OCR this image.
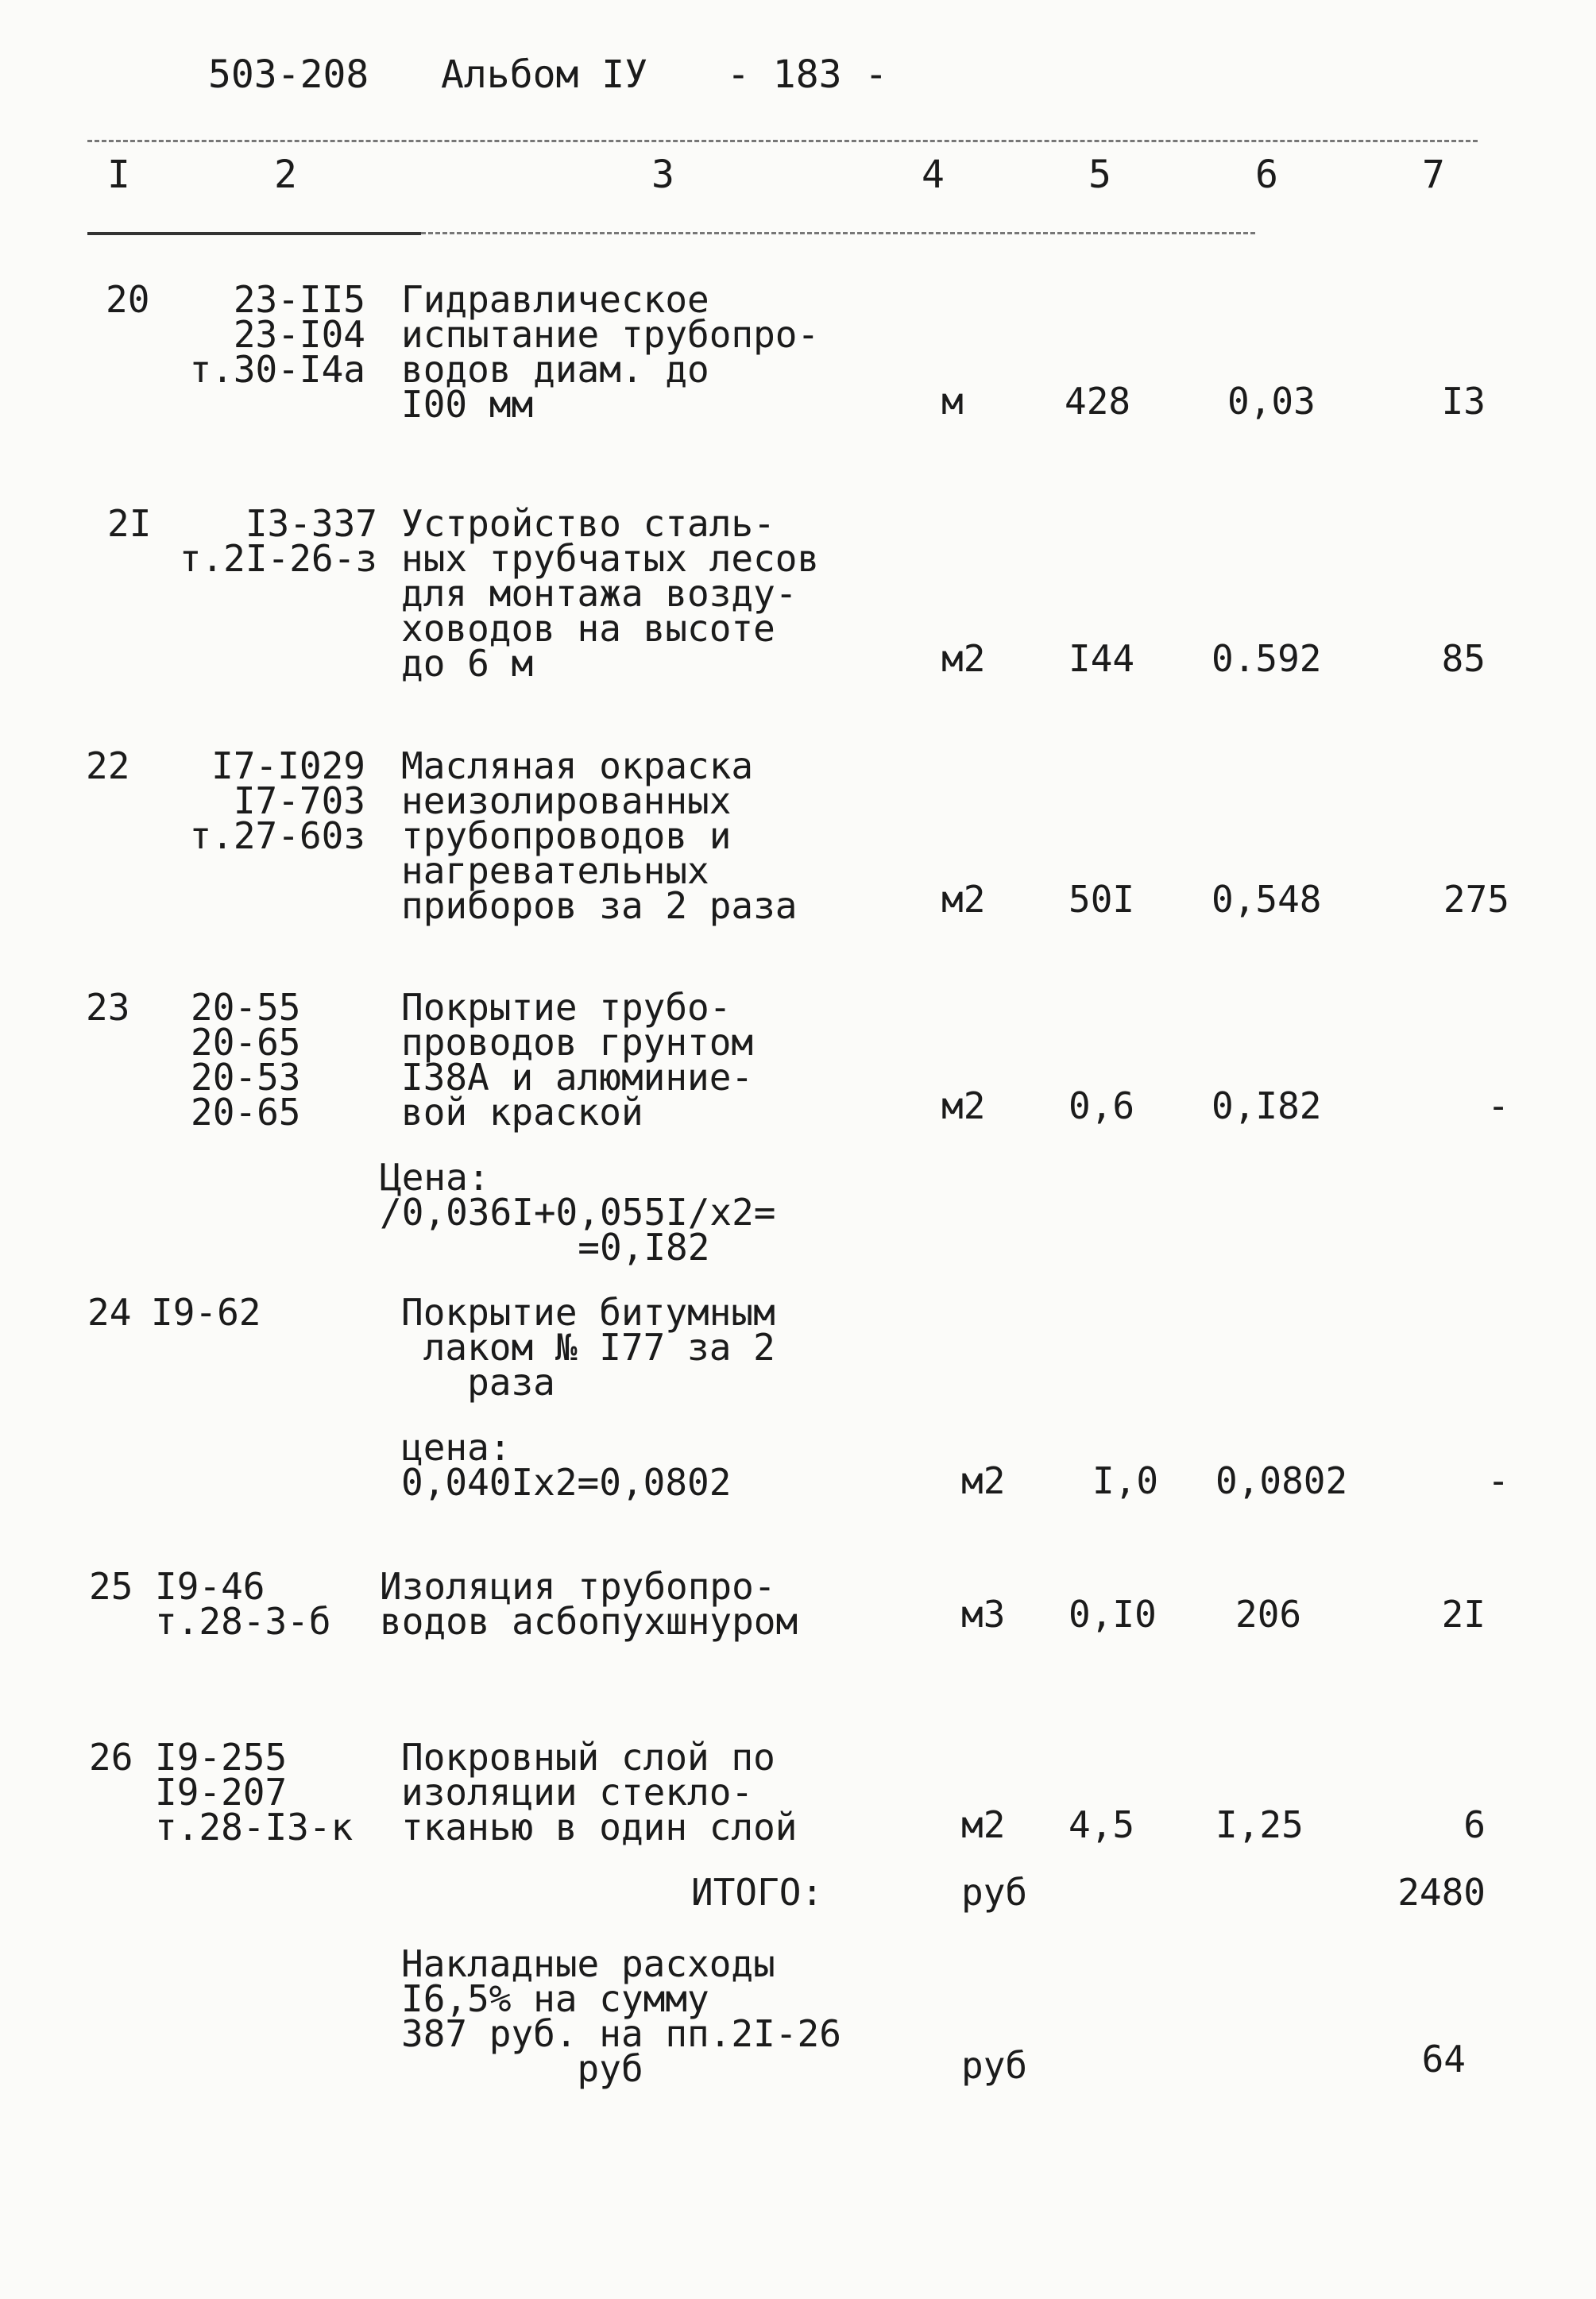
503-208 Альбом IУ - 183 -
I	2	3	4	5	6	7
20	23-II5
23-I04
т.30-I4а
Гидравлическое
испытание трубопро-
водов диам. до
I00 мм	м	428	0,03	I3
2I	I3-337
т.2I-26-з
Устройство сталь-
ных трубчатых лесов
для монтажа возду-
ховодов на высоте
до 6 м	м2 I44 0.592	85
22	I7-I029
I7-703
т.27-60з
Масляная окраска
неизолированных
трубопроводов и
нагревательных
приборов за 2 раза	м2 50I 0,548	275
23 20-55
20-65
20-53
20-65
Покрытие трубо-
проводов грунтом
I38А и алюминие-
вой краской	м2 0,6 0,I82	-
Цена:
/0,036I+0,055I/х2=
=0,I82
24 I9-62	Покрытие битумным
лаком № I77 за 2
раза
цена:
0,040Iх2=0,0802	м2 I,0 0,0802	-
25 I9-46
т.28-3-б
Изоляция трубопро-
водов асбопухшнуром	м3 0,I0 206	2I
26 I9-255
I9-207
т.28-I3-к
Покровный слой по
изоляции стекло-
тканью в один слой	м2 4,5 I,25	6
ИТОГО:	руб	2480
Накладные расходы
I6,5% на сумму
387 руб. на пп.2I-26
руб	руб	64
